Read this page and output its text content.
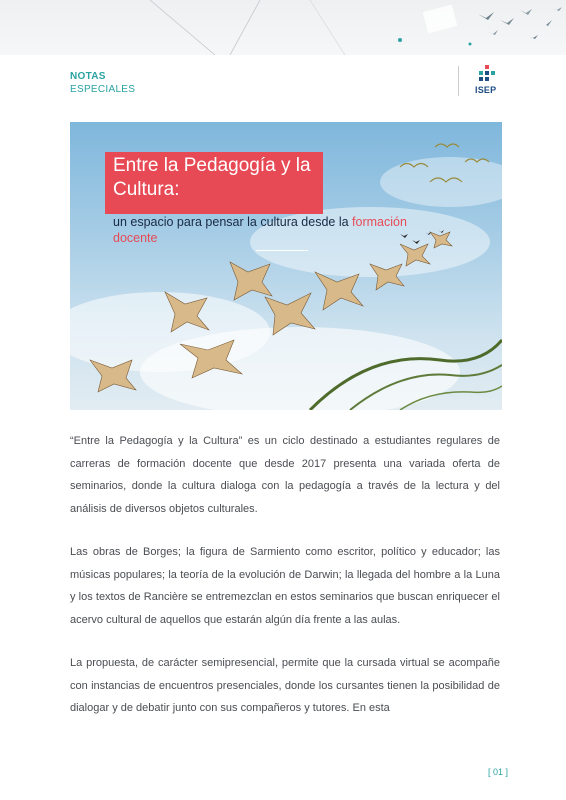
NOTAS
ESPECIALES	ISEP
Entre la Pedagogía y la Cultura:
un espacio para pensar la cultura desde la formación docente

“Entre la Pedagogía y la Cultura” es un ciclo destinado a estudiantes regulares de carreras de formación docente que desde 2017 presenta una variada oferta de seminarios, donde la cultura dialoga con la pedagogía a través de la lectura y del análisis de diversos objetos culturales.

Las obras de Borges; la figura de Sarmiento como escritor, político y educador; las músicas populares; la teoría de la evolución de Darwin; la llegada del hombre a la Luna y los textos de Rancière se entremezclan en estos seminarios que buscan enriquecer el acervo cultural de aquellos que estarán algún día frente a las aulas.

La propuesta, de carácter semipresencial, permite que la cursada virtual se acompañe con instancias de encuentros presenciales, donde los cursantes tienen la posibilidad de dialogar y de debatir junto con sus compañeros y tutores. En esta

[ 01 ]
